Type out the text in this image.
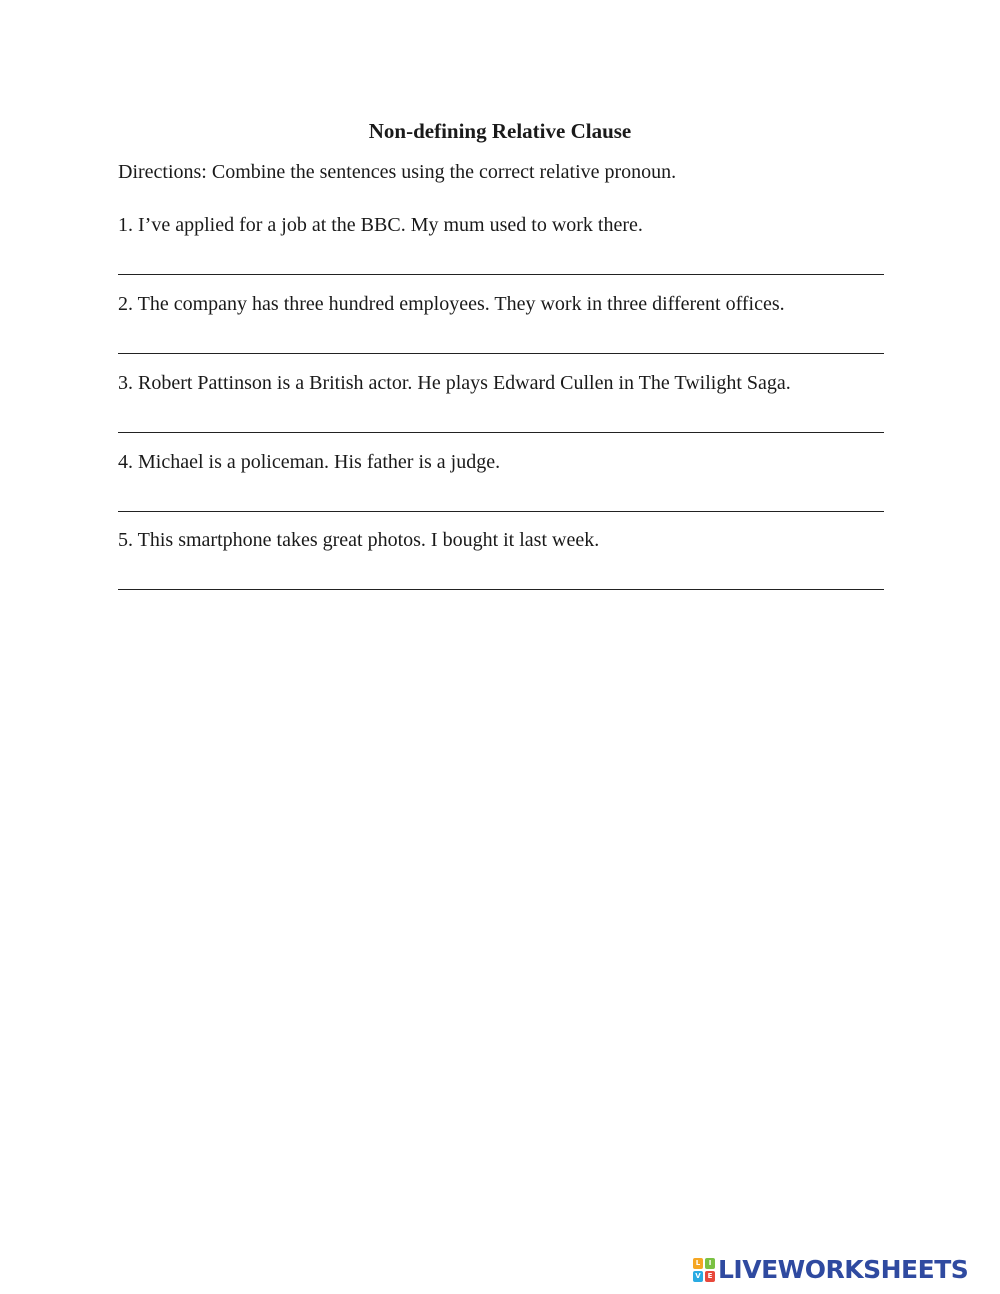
Non-defining Relative Clause
Directions: Combine the sentences using the correct relative pronoun.
1. I’ve applied for a job at the BBC. My mum used to work there.
2. The company has three hundred employees. They work in three different offices.
3. Robert Pattinson is a British actor. He plays Edward Cullen in The Twilight Saga.
4. Michael is a policeman. His father is a judge.
5. This smartphone takes great photos. I bought it last week.
L	I
V E LIVEWORKSHEETS
